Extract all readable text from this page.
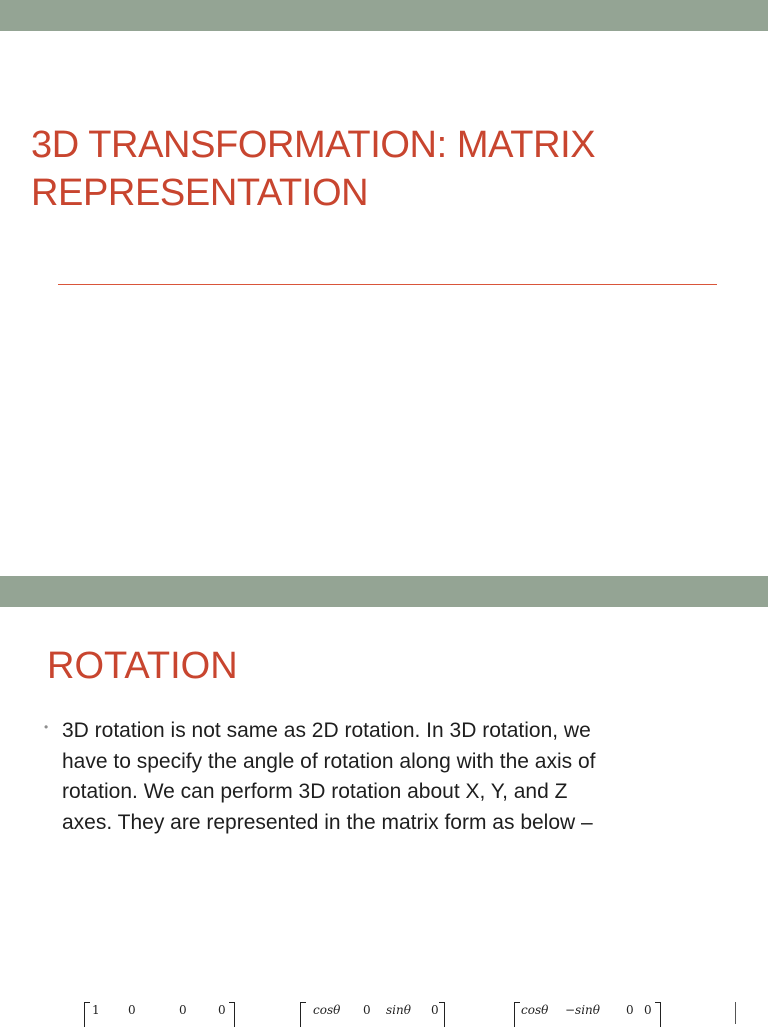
3D TRANSFORMATION: MATRIX
REPRESENTATION
ROTATION
• 3D rotation is not same as 2D rotation. In 3D rotation, we
have to specify the angle of rotation along with the axis of
rotation. We can perform 3D rotation about X, Y, and Z
axes. They are represented in the matrix form as below –
1 0	0	0	cosθ 0 sinθ 0	cosθ −sinθ 0 0
